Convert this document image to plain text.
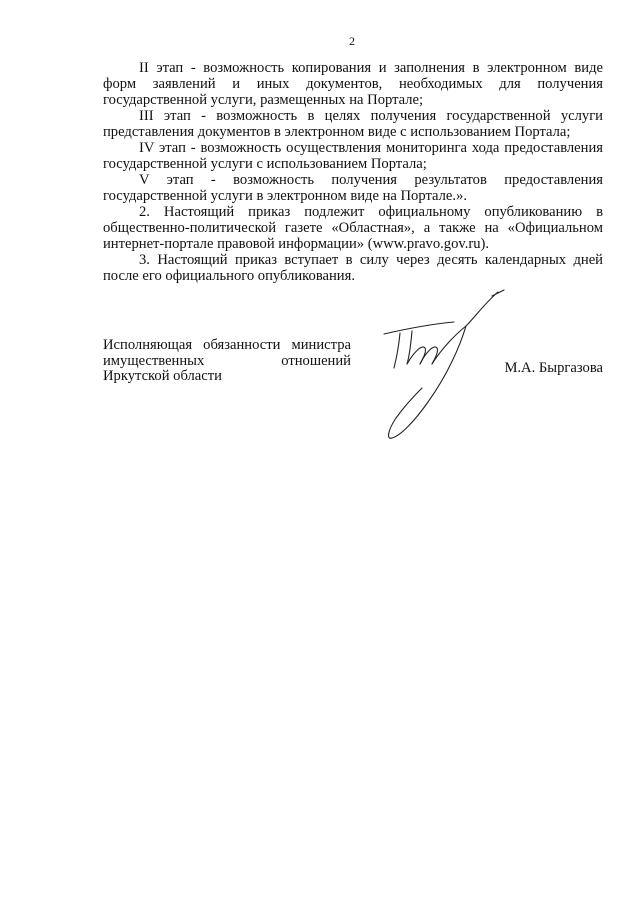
2

II этап - возможность копирования и заполнения в электронном виде форм заявлений и иных документов, необходимых для получения государственной услуги, размещенных на Портале;

III этап - возможность в целях получения государственной услуги представления документов в электронном виде с использованием Портала;

IV этап - возможность осуществления мониторинга хода предоставления государственной услуги с использованием Портала;

V этап - возможность получения результатов предоставления государственной услуги в электронном виде на Портале.».

2. Настоящий приказ подлежит официальному опубликованию в общественно-политической газете «Областная», а также на «Официальном интернет-портале правовой информации» (www.pravo.gov.ru).

3. Настоящий приказ вступает в силу через десять календарных дней после его официального опубликования.

Исполняющая обязанности министра
имущественных отношений
Иркутской области	М.А. Быргазова
